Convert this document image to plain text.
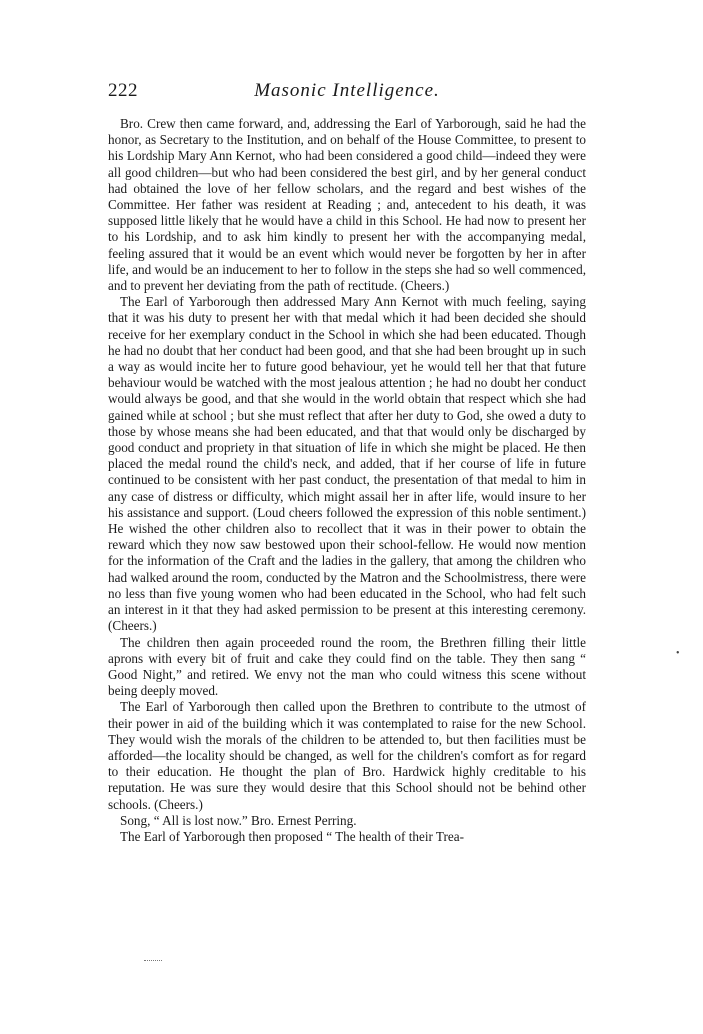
222	Masonic Intelligence.

Bro. Crew then came forward, and, addressing the Earl of Yarborough, said he had the honor, as Secretary to the Institution, and on behalf of the House Committee, to present to his Lordship Mary Ann Kernot, who had been considered a good child—indeed they were all good children—but who had been considered the best girl, and by her general conduct had obtained the love of her fellow scholars, and the regard and best wishes of the Committee. Her father was resident at Reading ; and, antecedent to his death, it was supposed little likely that he would have a child in this School. He had now to present her to his Lordship, and to ask him kindly to present her with the accompanying medal, feeling assured that it would be an event which would never be forgotten by her in after life, and would be an inducement to her to follow in the steps she had so well commenced, and to prevent her deviating from the path of rectitude. (Cheers.)

The Earl of Yarborough then addressed Mary Ann Kernot with much feeling, saying that it was his duty to present her with that medal which it had been decided she should receive for her exemplary conduct in the School in which she had been educated. Though he had no doubt that her conduct had been good, and that she had been brought up in such a way as would incite her to future good behaviour, yet he would tell her that that future behaviour would be watched with the most jealous attention ; he had no doubt her conduct would always be good, and that she would in the world obtain that respect which she had gained while at school ; but she must reflect that after her duty to God, she owed a duty to those by whose means she had been educated, and that that would only be discharged by good conduct and propriety in that situation of life in which she might be placed. He then placed the medal round the child's neck, and added, that if her course of life in future continued to be consistent with her past conduct, the presentation of that medal to him in any case of distress or difficulty, which might assail her in after life, would insure to her his assistance and support. (Loud cheers followed the expression of this noble sentiment.) He wished the other children also to recollect that it was in their power to obtain the reward which they now saw bestowed upon their school-fellow. He would now mention for the information of the Craft and the ladies in the gallery, that among the children who had walked around the room, conducted by the Matron and the Schoolmistress, there were no less than five young women who had been educated in the School, who had felt such an interest in it that they had asked permission to be present at this interesting ceremony. (Cheers.)

The children then again proceeded round the room, the Brethren filling their little aprons with every bit of fruit and cake they could find on the table. They then sang “ Good Night,” and retired. We envy not the man who could witness this scene without being deeply moved.

The Earl of Yarborough then called upon the Brethren to contribute to the utmost of their power in aid of the building which it was contemplated to raise for the new School. They would wish the morals of the children to be attended to, but then facilities must be afforded—the locality should be changed, as well for the children's comfort as for regard to their education. He thought the plan of Bro. Hardwick highly creditable to his reputation. He was sure they would desire that this School should not be behind other schools. (Cheers.)

Song, “ All is lost now.” Bro. Ernest Perring.

The Earl of Yarborough then proposed “ The health of their Trea-

•
